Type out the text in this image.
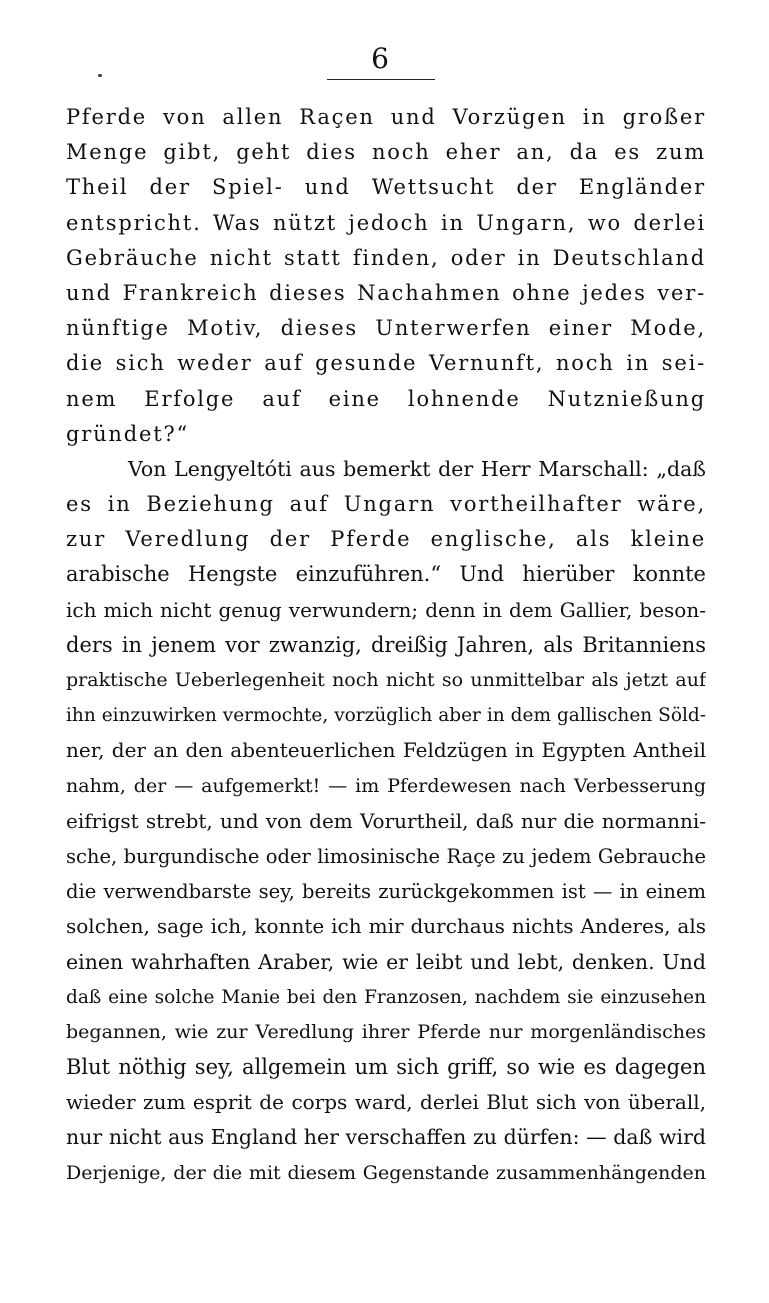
6
Pferde von allen Raçen und Vorzügen in großer
Menge gibt, geht dies noch eher an, da es zum
Theil der Spiel- und Wettsucht der Engländer
entspricht. Was nützt jedoch in Ungarn, wo derlei
Gebräuche nicht statt finden, oder in Deutschland
und Frankreich dieses Nachahmen ohne jedes ver-
nünftige Motiv, dieses Unterwerfen einer Mode,
die sich weder auf gesunde Vernunft, noch in sei-
nem Erfolge auf eine lohnende Nutznießung
gründet?“
Von Lengyeltóti aus bemerkt der Herr Marschall: „daß
es in Beziehung auf Ungarn vortheilhafter wäre,
zur Veredlung der Pferde englische, als kleine
arabische Hengste einzuführen.“ Und hierüber konnte
ich mich nicht genug verwundern; denn in dem Gallier, beson-
ders in jenem vor zwanzig, dreißig Jahren, als Britanniens
praktische Ueberlegenheit noch nicht so unmittelbar als jetzt auf
ihn einzuwirken vermochte, vorzüglich aber in dem gallischen Söld-
ner, der an den abenteuerlichen Feldzügen in Egypten Antheil
nahm, der — aufgemerkt! — im Pferdewesen nach Verbesserung
eifrigst strebt, und von dem Vorurtheil, daß nur die normanni-
sche, burgundische oder limosinische Raçe zu jedem Gebrauche
die verwendbarste sey, bereits zurückgekommen ist — in einem
solchen, sage ich, konnte ich mir durchaus nichts Anderes, als
einen wahrhaften Araber, wie er leibt und lebt, denken. Und
daß eine solche Manie bei den Franzosen, nachdem sie einzusehen
begannen, wie zur Veredlung ihrer Pferde nur morgenländisches
Blut nöthig sey, allgemein um sich griff, so wie es dagegen
wieder zum esprit de corps ward, derlei Blut sich von überall,
nur nicht aus England her verschaffen zu dürfen: — daß wird
Derjenige, der die mit diesem Gegenstande zusammenhängenden
